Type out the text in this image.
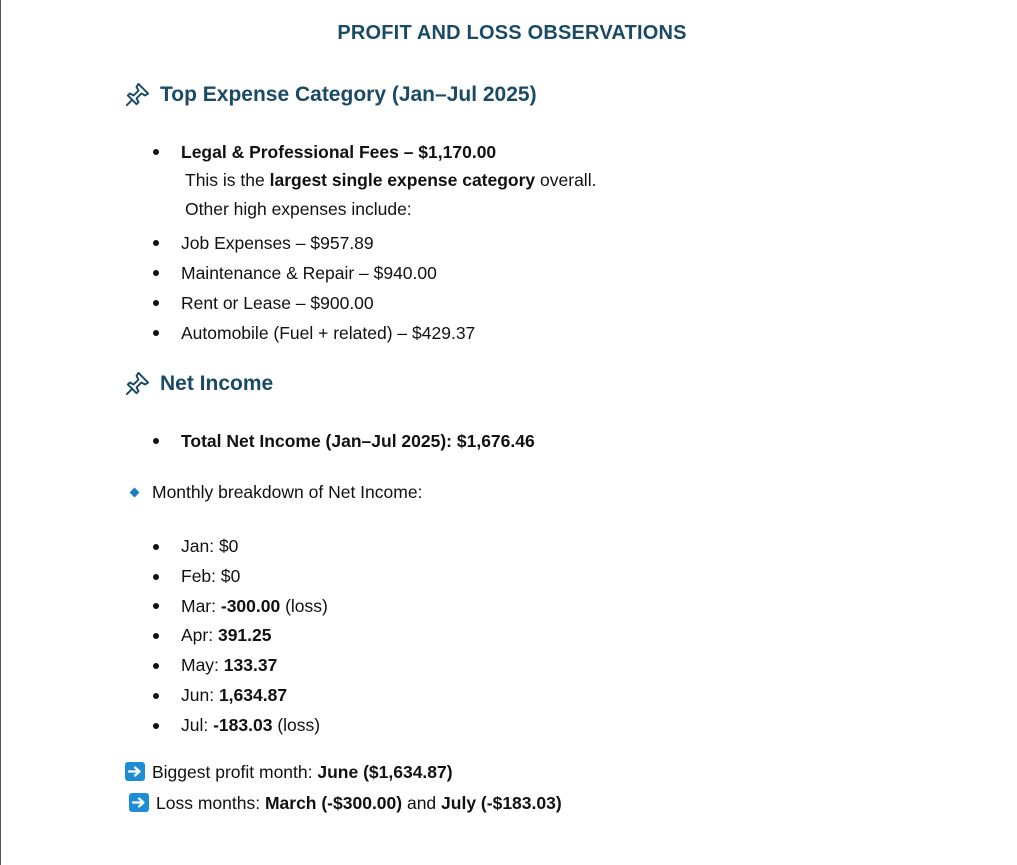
PROFIT AND LOSS OBSERVATIONS
Top Expense Category (Jan–Jul 2025)
Legal & Professional Fees – $1,170.00
This is the largest single expense category overall.
Other high expenses include:
Job Expenses – $957.89
Maintenance & Repair – $940.00
Rent or Lease – $900.00
Automobile (Fuel + related) – $429.37
Net Income
Total Net Income (Jan–Jul 2025): $1,676.46
Monthly breakdown of Net Income:
Jan: $0
Feb: $0
Mar: -300.00 (loss)
Apr: 391.25
May: 133.37
Jun: 1,634.87
Jul: -183.03 (loss)
Biggest profit month: June ($1,634.87)
Loss months: March (-$300.00) and July (-$183.03)
